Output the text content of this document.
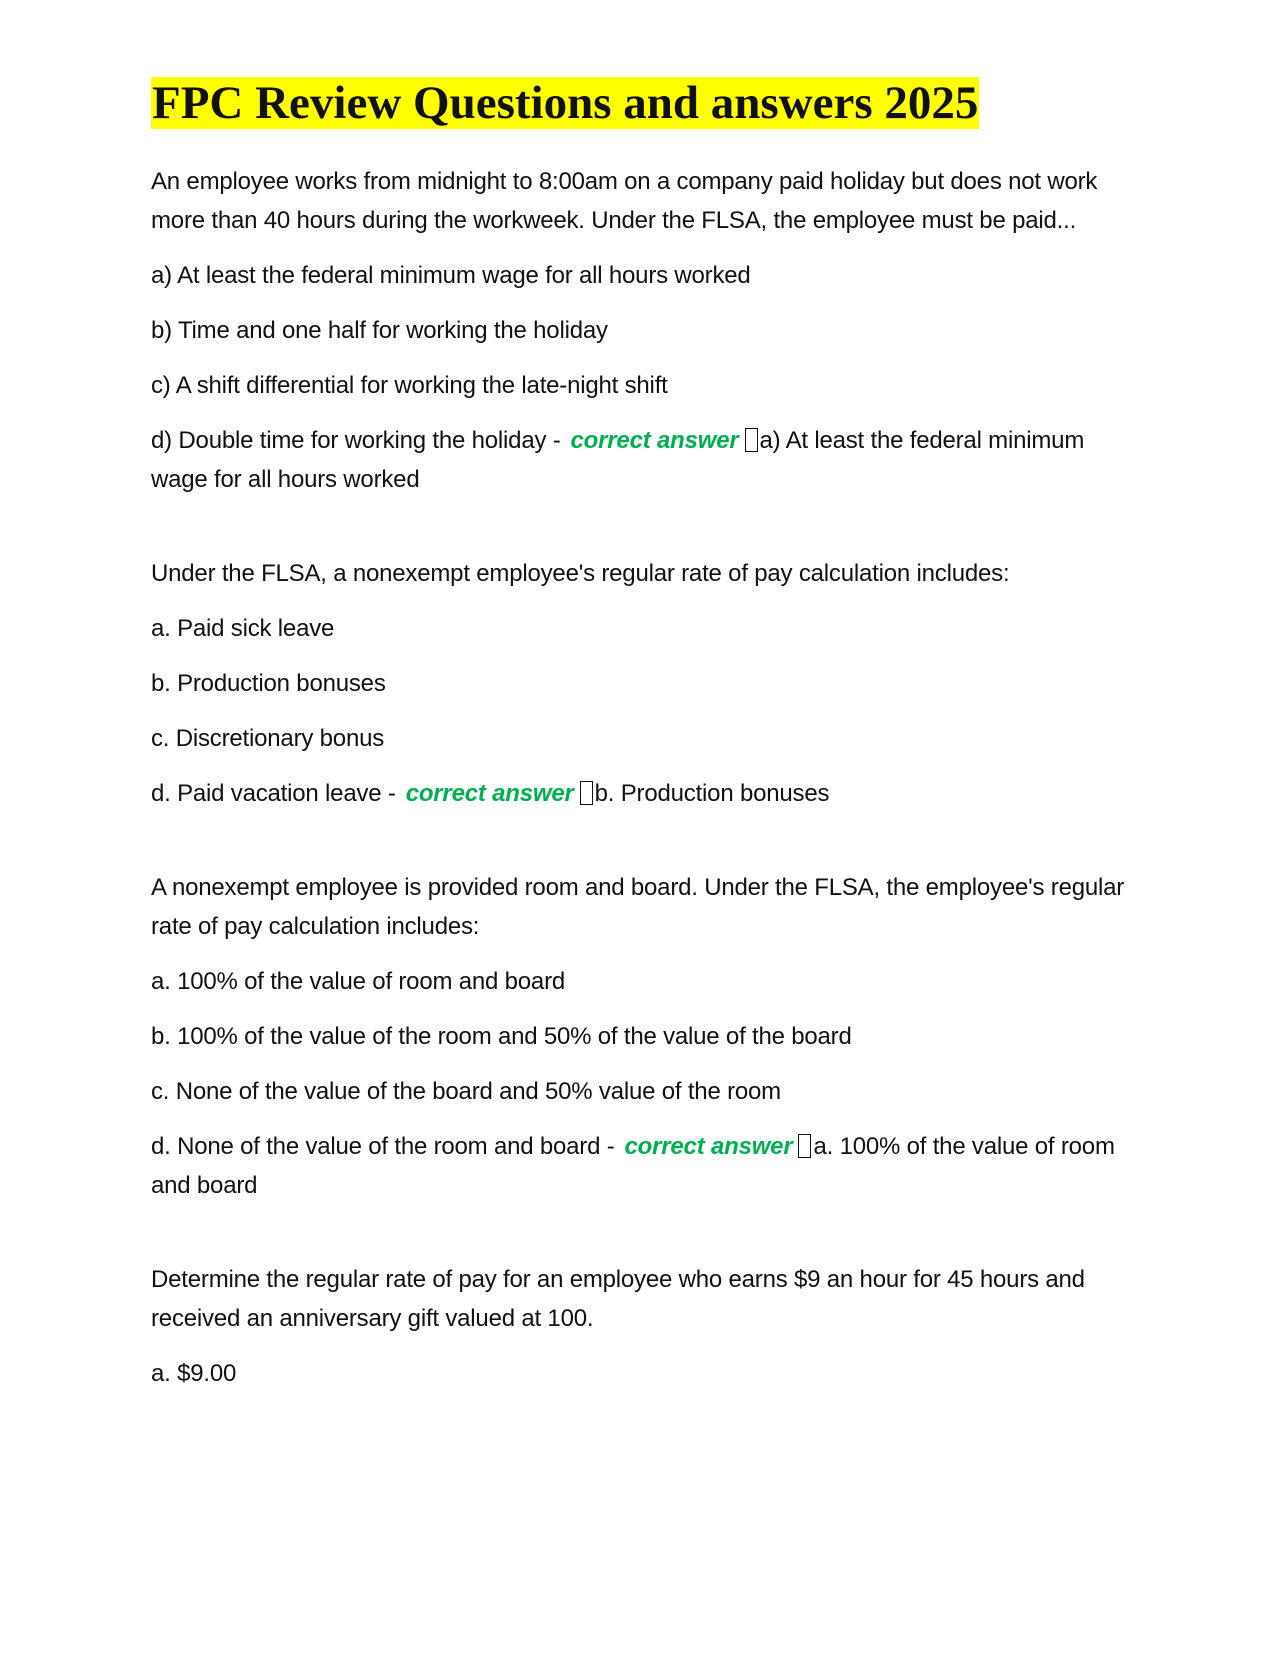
FPC Review Questions and answers 2025

An employee works from midnight to 8:00am on a company paid holiday but does not work more than 40 hours during the workweek. Under the FLSA, the employee must be paid...

a) At least the federal minimum wage for all hours worked

b) Time and one half for working the holiday

c) A shift differential for working the late-night shift

d) Double time for working the holiday - correct answer a) At least the federal minimum wage for all hours worked

Under the FLSA, a nonexempt employee's regular rate of pay calculation includes:

a. Paid sick leave

b. Production bonuses

c. Discretionary bonus

d. Paid vacation leave - correct answer b. Production bonuses

A nonexempt employee is provided room and board. Under the FLSA, the employee's regular rate of pay calculation includes:

a. 100% of the value of room and board

b. 100% of the value of the room and 50% of the value of the board

c. None of the value of the board and 50% value of the room

d. None of the value of the room and board - correct answer a. 100% of the value of room and board

Determine the regular rate of pay for an employee who earns $9 an hour for 45 hours and received an anniversary gift valued at 100.

a. $9.00
